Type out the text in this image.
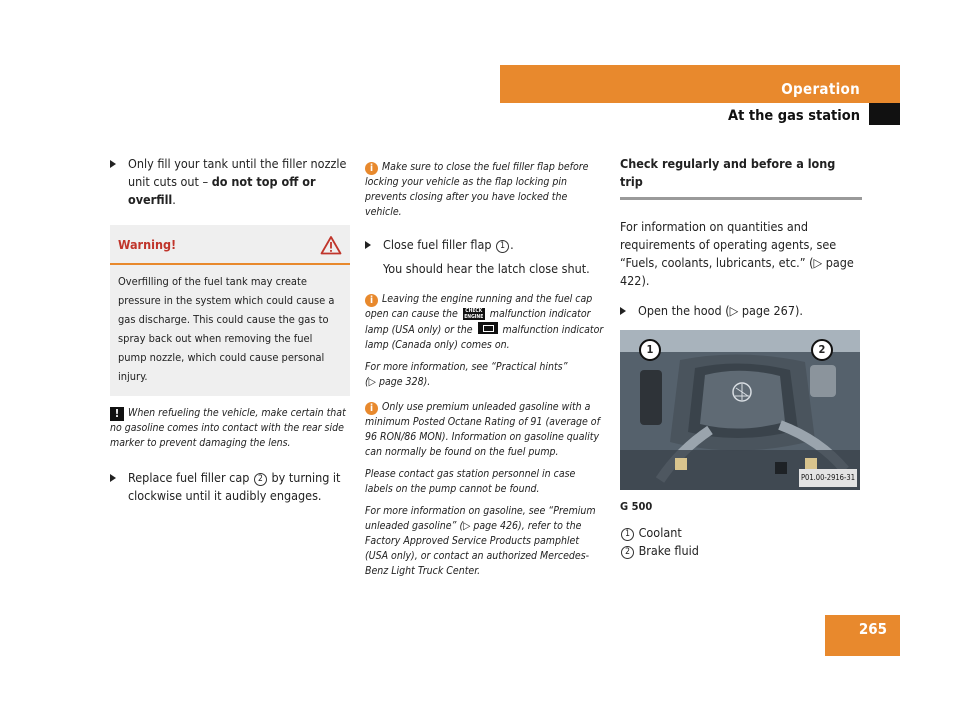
Operation
At the gas station
Only fill your tank until the filler nozzle unit cuts out – do not top off or overfill.
Warning!
Overfilling of the fuel tank may create pressure in the system which could cause a gas discharge. This could cause the gas to spray back out when removing the fuel pump nozzle, which could cause personal injury.
! When refueling the vehicle, make certain that no gasoline comes into contact with the rear side marker to prevent damaging the lens.
Replace fuel filler cap 2 by turning it clockwise until it audibly engages.
i Make sure to close the fuel filler flap before locking your vehicle as the flap locking pin prevents closing after you have locked the vehicle.
Close fuel filler flap 1 .
You should hear the latch close shut.

i Leaving the engine running and the fuel cap open can cause the CHECK
ENGINE malfunction indicator lamp (USA only) or the	malfunction indicator lamp (Canada only) comes on.

For more information, see “Practical hints”
(▷ page 328).

i Only use premium unleaded gasoline with a minimum Posted Octane Rating of 91 (average of 96 RON/86 MON). Information on gasoline quality can normally be found on the fuel pump.

Please contact gas station personnel in case labels on the pump cannot be found.

For more information on gasoline, see “Premium unleaded gasoline” (▷ page 426), refer to the Factory Approved Service Products pamphlet (USA only), or contact an authorized Mercedes-Benz Light Truck Center.

Check regularly and before a long trip
For information on quantities and requirements of operating agents, see “Fuels, coolants, lubricants, etc.” (▷ page 422).
Open the hood (▷ page 267).
1	2
P01.00-2916-31
G 500
1 Coolant
2 Brake fluid
265
